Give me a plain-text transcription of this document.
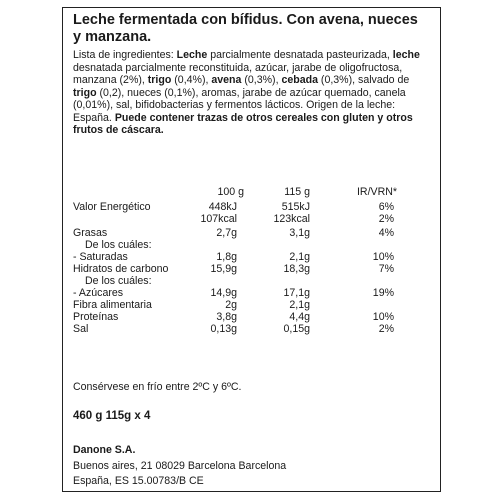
Leche fermentada con bífidus. Con avena, nueces y manzana.

Lista de ingredientes: Leche parcialmente desnatada pasteurizada, leche desnatada parcialmente reconstituida, azúcar, jarabe de oligofructosa, manzana (2%), trigo (0,4%), avena (0,3%), cebada (0,3%), salvado de trigo (0,2), nueces (0,1%), aromas, jarabe de azúcar quemado, canela (0,01%), sal, bifidobacterias y fermentos lácticos. Origen de la leche: España. Puede contener trazas de otros cereales con gluten y otros frutos de cáscara.

100 g	115 g	IR/VRN*
Valor Energético	448kJ	515kJ	6%
107kcal	123kcal	2%
Grasas	2,7g	3,1g	4%
De los cuáles:
- Saturadas	1,8g	2,1g	10%
Hidratos de carbono	15,9g	18,3g	7%
De los cuáles:
- Azúcares	14,9g	17,1g	19%
Fibra alimentaria	2g	2,1g
Proteínas	3,8g	4,4g	10%
Sal	0,13g	0,15g	2%
Consérvese en frío entre 2ºC y 6ºC.
460 g 115g x 4
Danone S.A.
Buenos aires, 21 08029 Barcelona Barcelona
España, ES 15.00783/B CE
